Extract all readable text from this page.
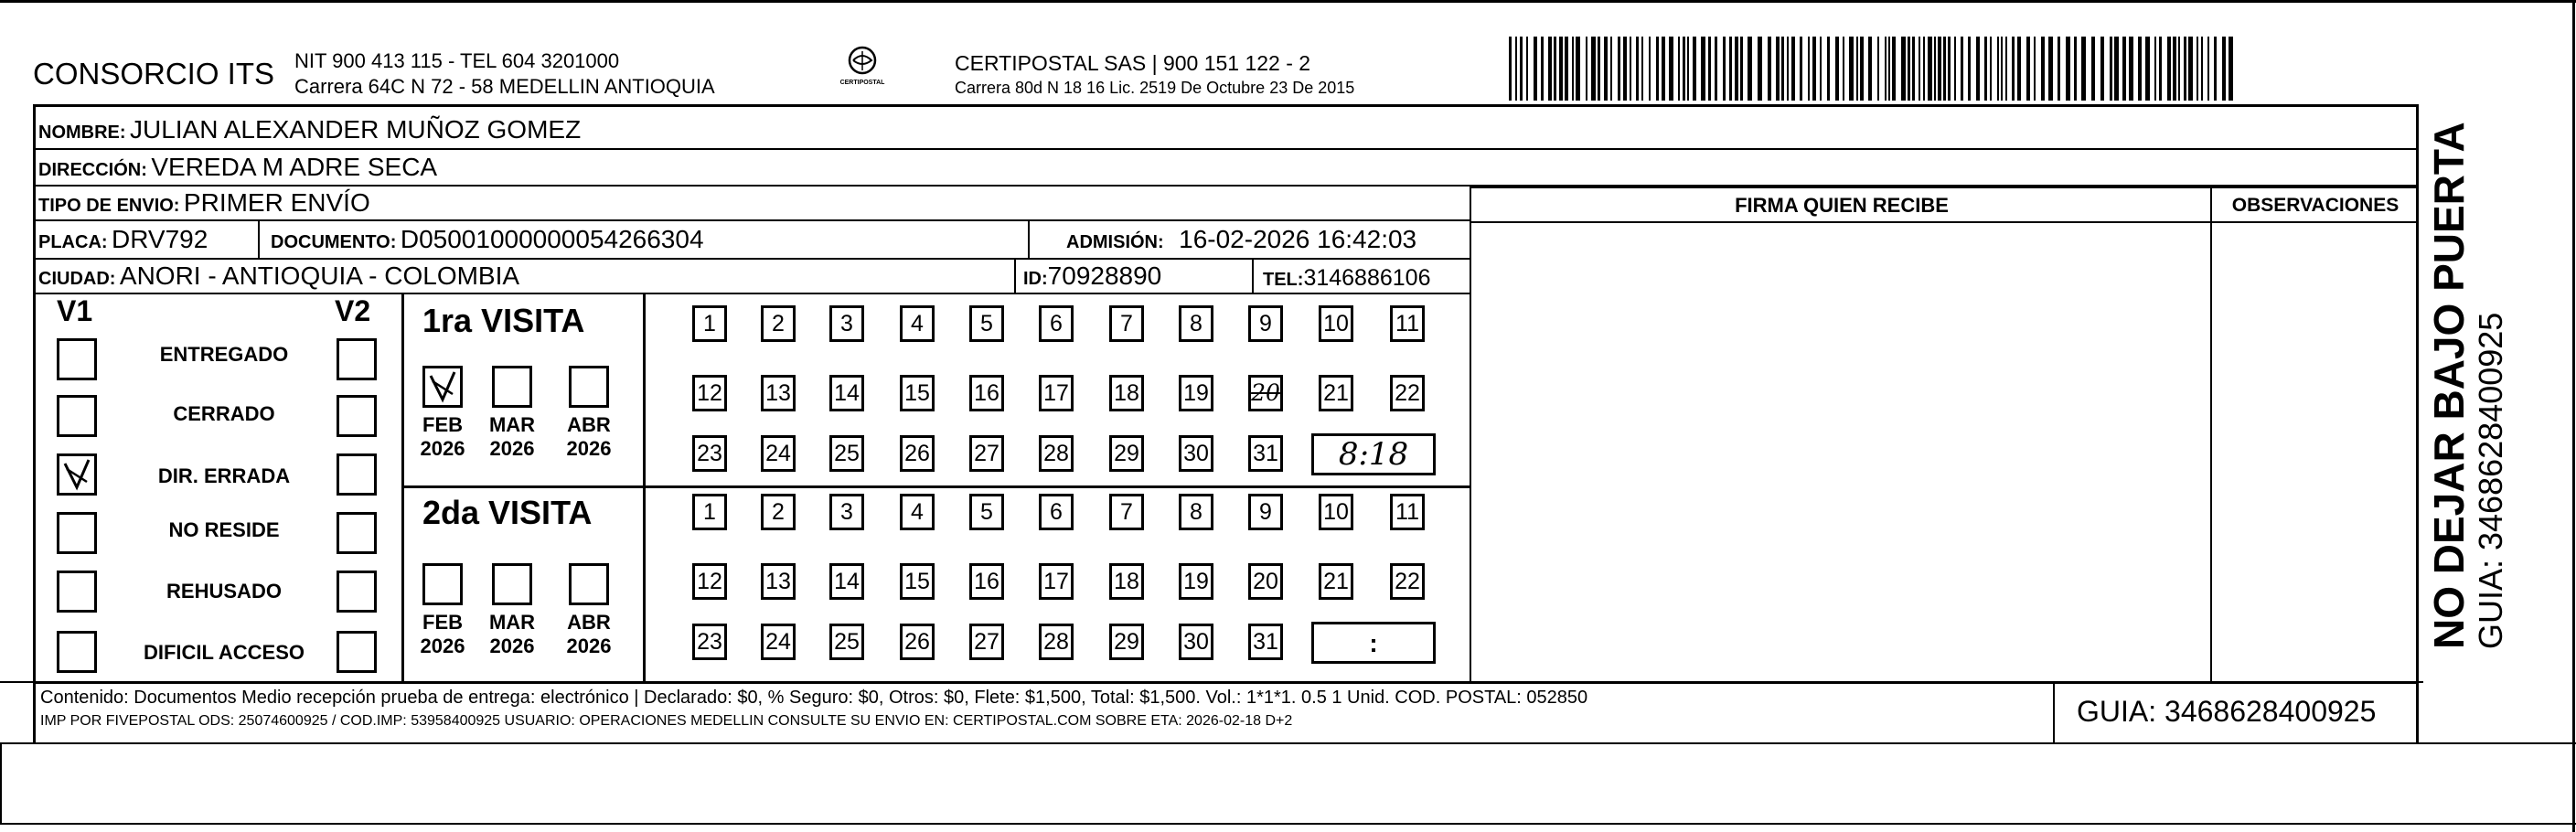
CONSORCIO ITS NIT 900 413 115 - TEL 604 3201000
Carrera 64C N 72 - 58 MEDELLIN ANTIOQUIA	CERTIPOSTAL
CERTIPOSTAL SAS | 900 151 122 - 2
Carrera 80d N 18 16 Lic. 2519 De Octubre 23 De 2015
NOMBRE: JULIAN ALEXANDER MUÑOZ GOMEZ
DIRECCIÓN: VEREDA M ADRE SECA
TIPO DE ENVIO: PRIMER ENVÍO
PLACA: DRV792	DOCUMENTO: D05001000000054266304	ADMISIÓN: 16-02-2026 16:42:03
CIUDAD: ANORI - ANTIOQUIA - COLOMBIA	ID:70928890	TEL:3146886106
FIRMA QUIEN RECIBE	OBSERVACIONES
V1	V2 1ra VISITA
8:18
2da VISITA
:
Contenido: Documentos Medio recepción prueba de entrega: electrónico | Declarado: $0, % Seguro: $0, Otros: $0, Flete: $1,500, Total: $1,500. Vol.: 1*1*1. 0.5 1 Unid. COD. POSTAL: 052850
IMP POR FIVEPOSTAL ODS: 25074600925 / COD.IMP: 53958400925 USUARIO: OPERACIONES MEDELLIN CONSULTE SU ENVIO EN: CERTIPOSTAL.COM SOBRE ETA: 2026-02-18 D+2	GUIA: 3468628400925
NO DEJAR BAJO PUERTA GUIA: 3468628400925
ENTREGADO
CERRADO
DIR. ERRADA
NO RESIDE
REHUSADO
DIFICIL ACCESO
FEB
2026
MAR
2026
ABR
2026
FEB
2026
MAR
2026
ABR
2026
1	2	3	4	5	6	7	8	9	10 11
12 13 14 15 16 17 18 19 20 21 22
23 24 25 26 27 28 29 30 31
1	2	3	4	5	6	7	8	9	10 11
12 13 14 15 16 17 18 19 20 21 22
23 24 25 26 27 28 29 30 31
